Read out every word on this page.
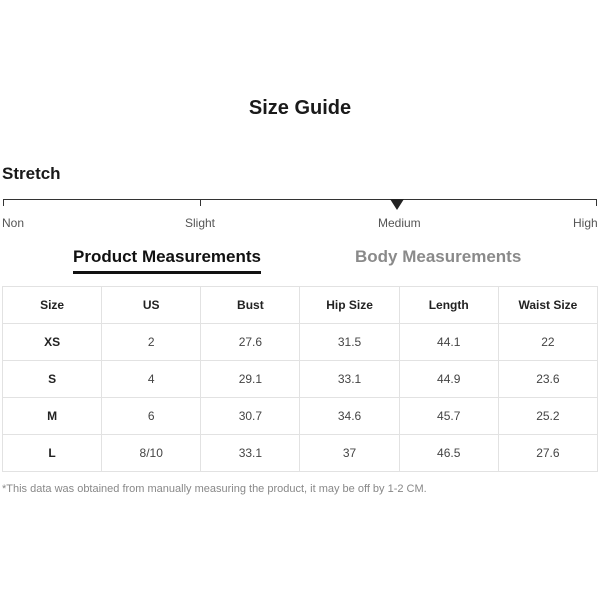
Size Guide
Stretch
Non	Slight	Medium	High
Product Measurements	Body Measurements
Size	US	Bust	Hip Size	Length	Waist Size
XS	2	27.6	31.5	44.1	22
S	4	29.1	33.1	44.9	23.6
M	6	30.7	34.6	45.7	25.2
L	8/10	33.1	37	46.5	27.6
*This data was obtained from manually measuring the product, it may be off by 1-2 CM.
